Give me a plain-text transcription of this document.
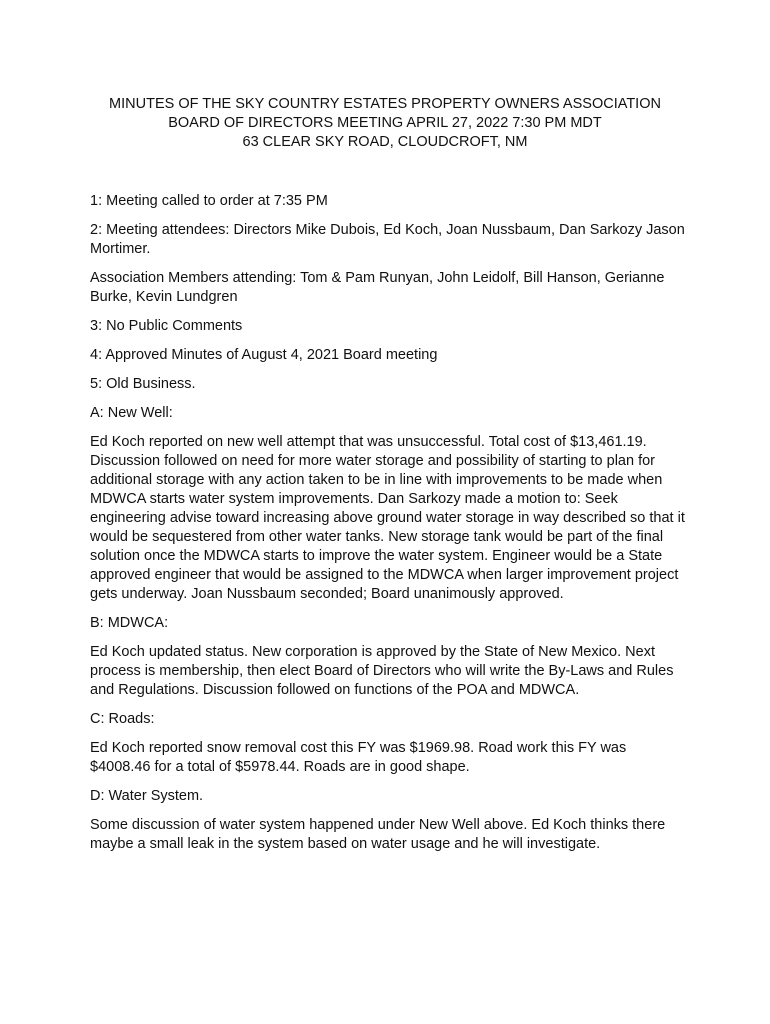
MINUTES OF THE SKY COUNTRY ESTATES PROPERTY OWNERS ASSOCIATION
BOARD OF DIRECTORS MEETING APRIL 27, 2022 7:30 PM MDT
63 CLEAR SKY ROAD, CLOUDCROFT, NM

1: Meeting called to order at 7:35 PM

2: Meeting attendees: Directors Mike Dubois, Ed Koch, Joan Nussbaum, Dan Sarkozy Jason Mortimer.

Association Members attending: Tom & Pam Runyan, John Leidolf, Bill Hanson, Gerianne Burke, Kevin Lundgren

3: No Public Comments

4: Approved Minutes of August 4, 2021 Board meeting

5: Old Business.

A: New Well:

Ed Koch reported on new well attempt that was unsuccessful. Total cost of $13,461.19. Discussion followed on need for more water storage and possibility of starting to plan for additional storage with any action taken to be in line with improvements to be made when MDWCA starts water system improvements. Dan Sarkozy made a motion to: Seek engineering advise toward increasing above ground water storage in way described so that it would be sequestered from other water tanks. New storage tank would be part of the final solution once the MDWCA starts to improve the water system. Engineer would be a State approved engineer that would be assigned to the MDWCA when larger improvement project gets underway. Joan Nussbaum seconded; Board unanimously approved.

B: MDWCA:

Ed Koch updated status. New corporation is approved by the State of New Mexico. Next process is membership, then elect Board of Directors who will write the By-Laws and Rules and Regulations. Discussion followed on functions of the POA and MDWCA.

C: Roads:

Ed Koch reported snow removal cost this FY was $1969.98. Road work this FY was $4008.46 for a total of $5978.44. Roads are in good shape.

D: Water System.

Some discussion of water system happened under New Well above. Ed Koch thinks there maybe a small leak in the system based on water usage and he will investigate.
